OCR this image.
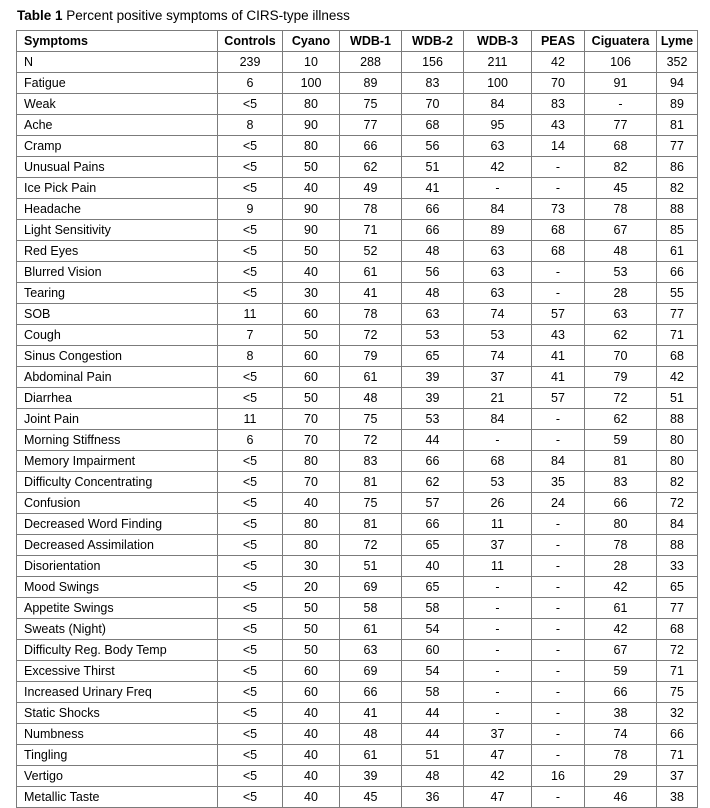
Table 1 Percent positive symptoms of CIRS-type illness
Symptoms	Controls	Cyano	WDB-1	WDB-2	WDB-3	PEAS	Ciguatera	Lyme
N	239	10	288	156	211	42	106	352
Fatigue	6	100	89	83	100	70	91	94
Weak	<5	80	75	70	84	83	-	89
Ache	8	90	77	68	95	43	77	81
Cramp	<5	80	66	56	63	14	68	77
Unusual Pains	<5	50	62	51	42	-	82	86
Ice Pick Pain	<5	40	49	41	-	-	45	82
Headache	9	90	78	66	84	73	78	88
Light Sensitivity	<5	90	71	66	89	68	67	85
Red Eyes	<5	50	52	48	63	68	48	61
Blurred Vision	<5	40	61	56	63	-	53	66
Tearing	<5	30	41	48	63	-	28	55
SOB	11	60	78	63	74	57	63	77
Cough	7	50	72	53	53	43	62	71
Sinus Congestion	8	60	79	65	74	41	70	68
Abdominal Pain	<5	60	61	39	37	41	79	42
Diarrhea	<5	50	48	39	21	57	72	51
Joint Pain	11	70	75	53	84	-	62	88
Morning Stiffness	6	70	72	44	-	-	59	80
Memory Impairment	<5	80	83	66	68	84	81	80
Difficulty Concentrating	<5	70	81	62	53	35	83	82
Confusion	<5	40	75	57	26	24	66	72
Decreased Word Finding	<5	80	81	66	11	-	80	84
Decreased Assimilation	<5	80	72	65	37	-	78	88
Disorientation	<5	30	51	40	11	-	28	33
Mood Swings	<5	20	69	65	-	-	42	65
Appetite Swings	<5	50	58	58	-	-	61	77
Sweats (Night)	<5	50	61	54	-	-	42	68
Difficulty Reg. Body Temp	<5	50	63	60	-	-	67	72
Excessive Thirst	<5	60	69	54	-	-	59	71
Increased Urinary Freq	<5	60	66	58	-	-	66	75
Static Shocks	<5	40	41	44	-	-	38	32
Numbness	<5	40	48	44	37	-	74	66
Tingling	<5	40	61	51	47	-	78	71
Vertigo	<5	40	39	48	42	16	29	37
Metallic Taste	<5	40	45	36	47	-	46	38
